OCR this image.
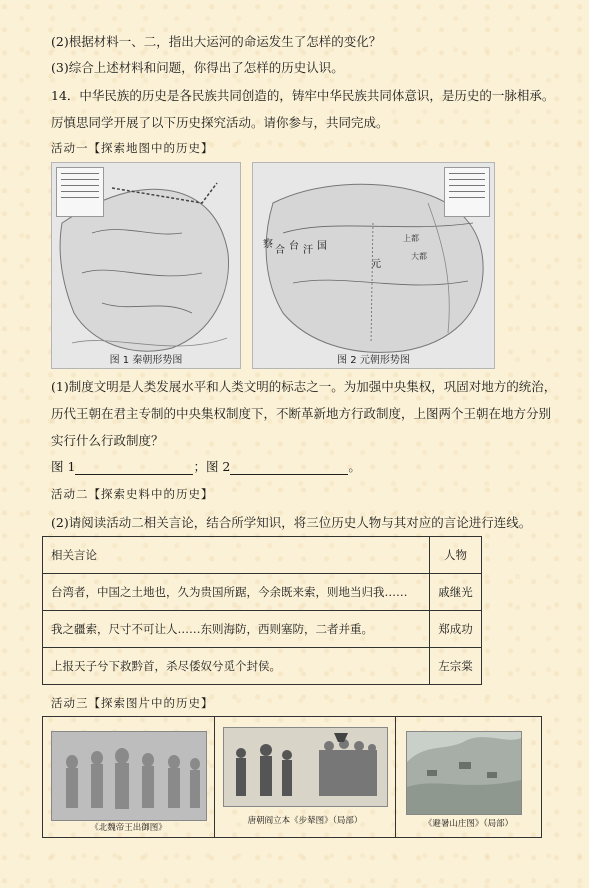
(2)根据材料一、二，指出大运河的命运发生了怎样的变化？
(3)综合上述材料和问题，你得出了怎样的历史认识。
14．中华民族的历史是各民族共同创造的，铸牢中华民族共同体意识，是历史的一脉相承。
厉慎思同学开展了以下历史探究活动。请你参与，共同完成。
活动一【探索地图中的历史】
图 1 秦朝形势图
察
合 台 汗 国
元
上都
大都
图 2 元朝形势图
(1)制度文明是人类发展水平和人类文明的标志之一。为加强中央集权，巩固对地方的统治，
历代王朝在君主专制的中央集权制度下，不断革新地方行政制度，上图两个王朝在地方分别
实行什么行政制度？
图 1	；图 2	。
活动二【探索史料中的历史】
(2)请阅读活动二相关言论，结合所学知识，将三位历史人物与其对应的言论进行连线。
相关言论	人物
台湾者，中国之土地也，久为贵国所踞，今余既来索，则地当归我……	戚继光
我之疆索，尺寸不可让人……东则海防，西则塞防，二者并重。	郑成功
上报天子兮下救黔首，杀尽倭奴兮觅个封侯。	左宗棠
活动三【探索图片中的历史】
《北魏帝王出御图》

唐朝阎立本《步辇图》（局部）	《避暑山庄图》（局部）
